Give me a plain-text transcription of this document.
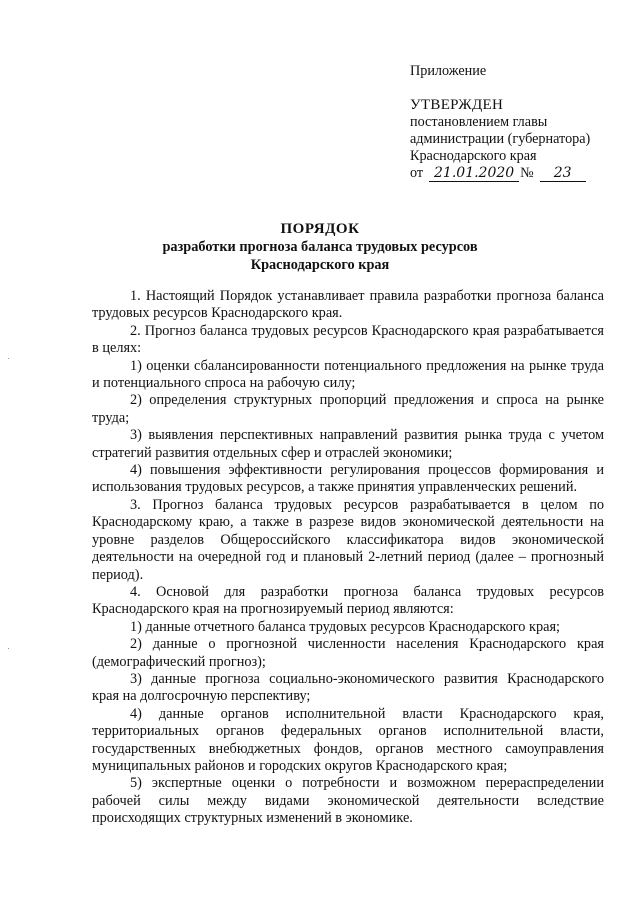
Приложение
УТВЕРЖДЕН
постановлением главы
администрации (губернатора)
Краснодарского края
от 21.01.2020 №	23
ПОРЯДОК
разработки прогноза баланса трудовых ресурсов
Краснодарского края

1. Настоящий Порядок устанавливает правила разработки прогноза баланса трудовых ресурсов Краснодарского края.

2. Прогноз баланса трудовых ресурсов Краснодарского края разрабатывается в целях:

1) оценки сбалансированности потенциального предложения на рынке труда и потенциального спроса на рабочую силу;

2) определения структурных пропорций предложения и спроса на рынке труда;

3) выявления перспективных направлений развития рынка труда с учетом стратегий развития отдельных сфер и отраслей экономики;

4) повышения эффективности регулирования процессов формирования и использования трудовых ресурсов, а также принятия управленческих решений.

3. Прогноз баланса трудовых ресурсов разрабатывается в целом по Краснодарскому краю, а также в разрезе видов экономической деятельности на уровне разделов Общероссийского классификатора видов экономической деятельности на очередной год и плановый 2-летний период (далее – прогнозный период).

4. Основой для разработки прогноза баланса трудовых ресурсов Краснодарского края на прогнозируемый период являются:

1) данные отчетного баланса трудовых ресурсов Краснодарского края;

2) данные о прогнозной численности населения Краснодарского края (демографический прогноз);

3) данные прогноза социально-экономического развития Краснодарского края на долгосрочную перспективу;

4) данные органов исполнительной власти Краснодарского края, территориальных органов федеральных органов исполнительной власти, государственных внебюджетных фондов, органов местного самоуправления муниципальных районов и городских округов Краснодарского края;

5) экспертные оценки о потребности и возможном перераспределении рабочей силы между видами экономической деятельности вследствие происходящих структурных изменений в экономике.
